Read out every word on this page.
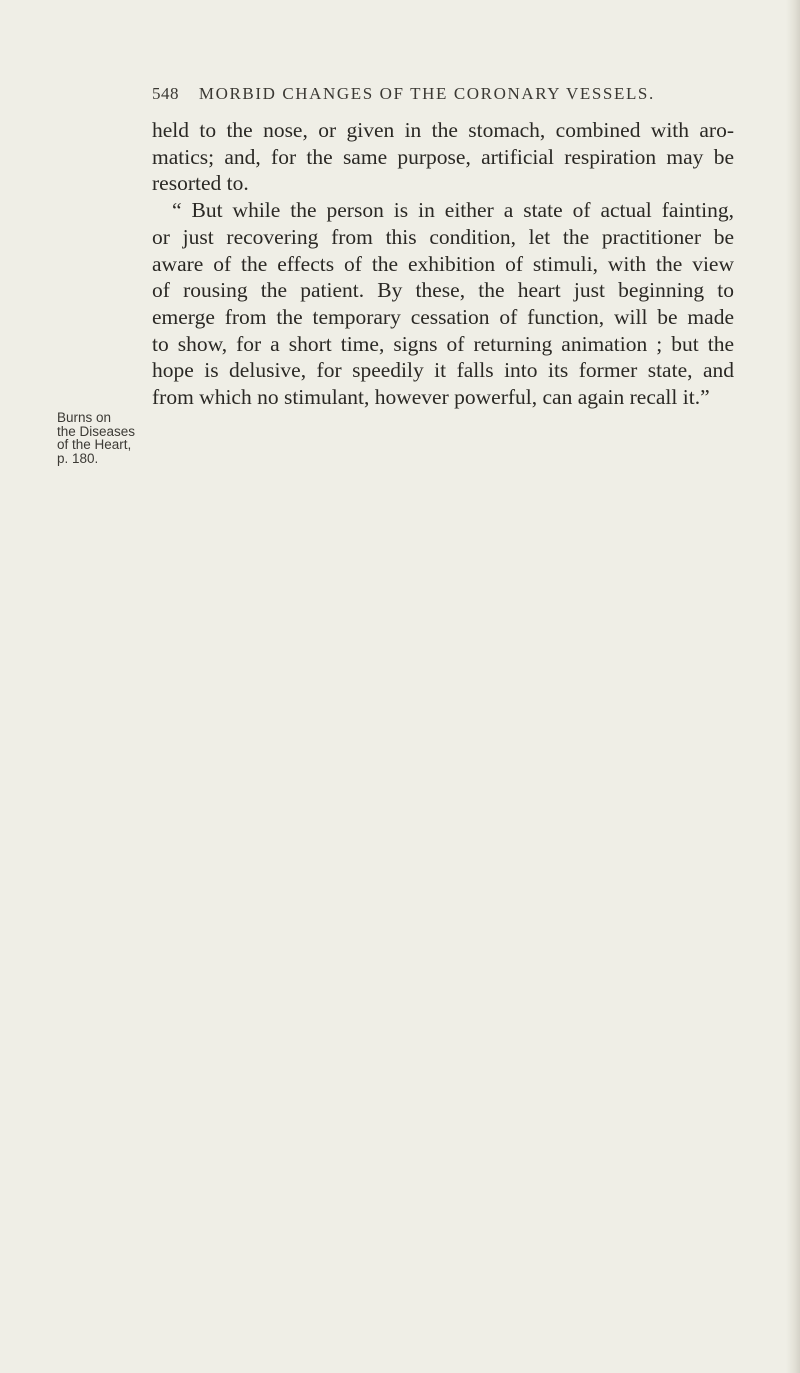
548 MORBID CHANGES OF THE CORONARY VESSELS.
Burns on
the Diseases
of the Heart,
p. 180.

held to the nose, or given in the stomach, combined with aro-
matics; and, for the same purpose, artificial respiration may be
resorted to.

“ But while the person is in either a state of actual fainting,
or just recovering from this condition, let the practitioner be
aware of the effects of the exhibition of stimuli, with the view
of rousing the patient. By these, the heart just beginning to
emerge from the temporary cessation of function, will be made
to show, for a short time, signs of returning animation ; but the
hope is delusive, for speedily it falls into its former state, and
from which no stimulant, however powerful, can again recall it.”
